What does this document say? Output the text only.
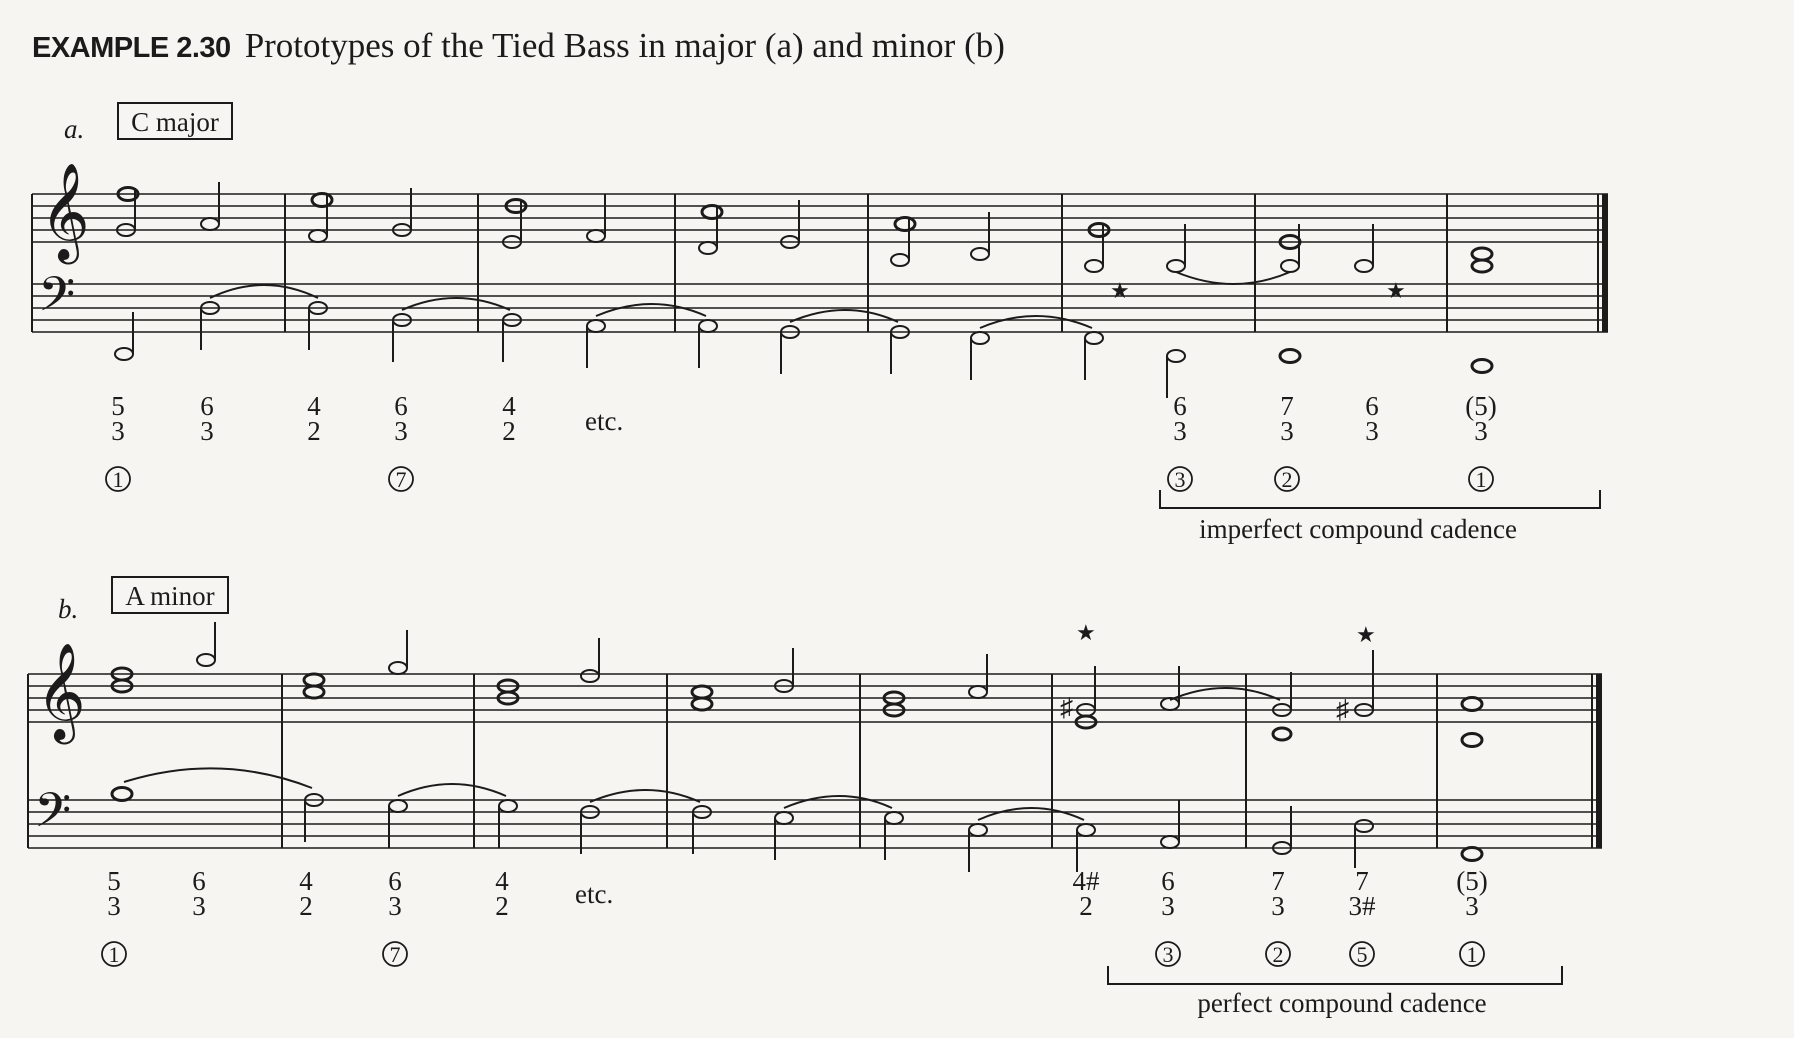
EXAMPLE 2.30 Prototypes of the Tied Bass in major (a) and minor (b)
a. C major
𝄞
𝄢	★	★
5
3
6
3
4
2
6
3
4
2
6
3
7
3
6
3
(5)
3
etc.
1	7	3	2	1
imperfect compound cadence
b. A minor
𝄞
𝄢
♯	♯
★	★
5
3
6
3
4
2
6
3
4
2
4#
2
6
3
7
3
7
3#
(5)
3
etc.
1	7	3	2	5	1
perfect compound cadence
